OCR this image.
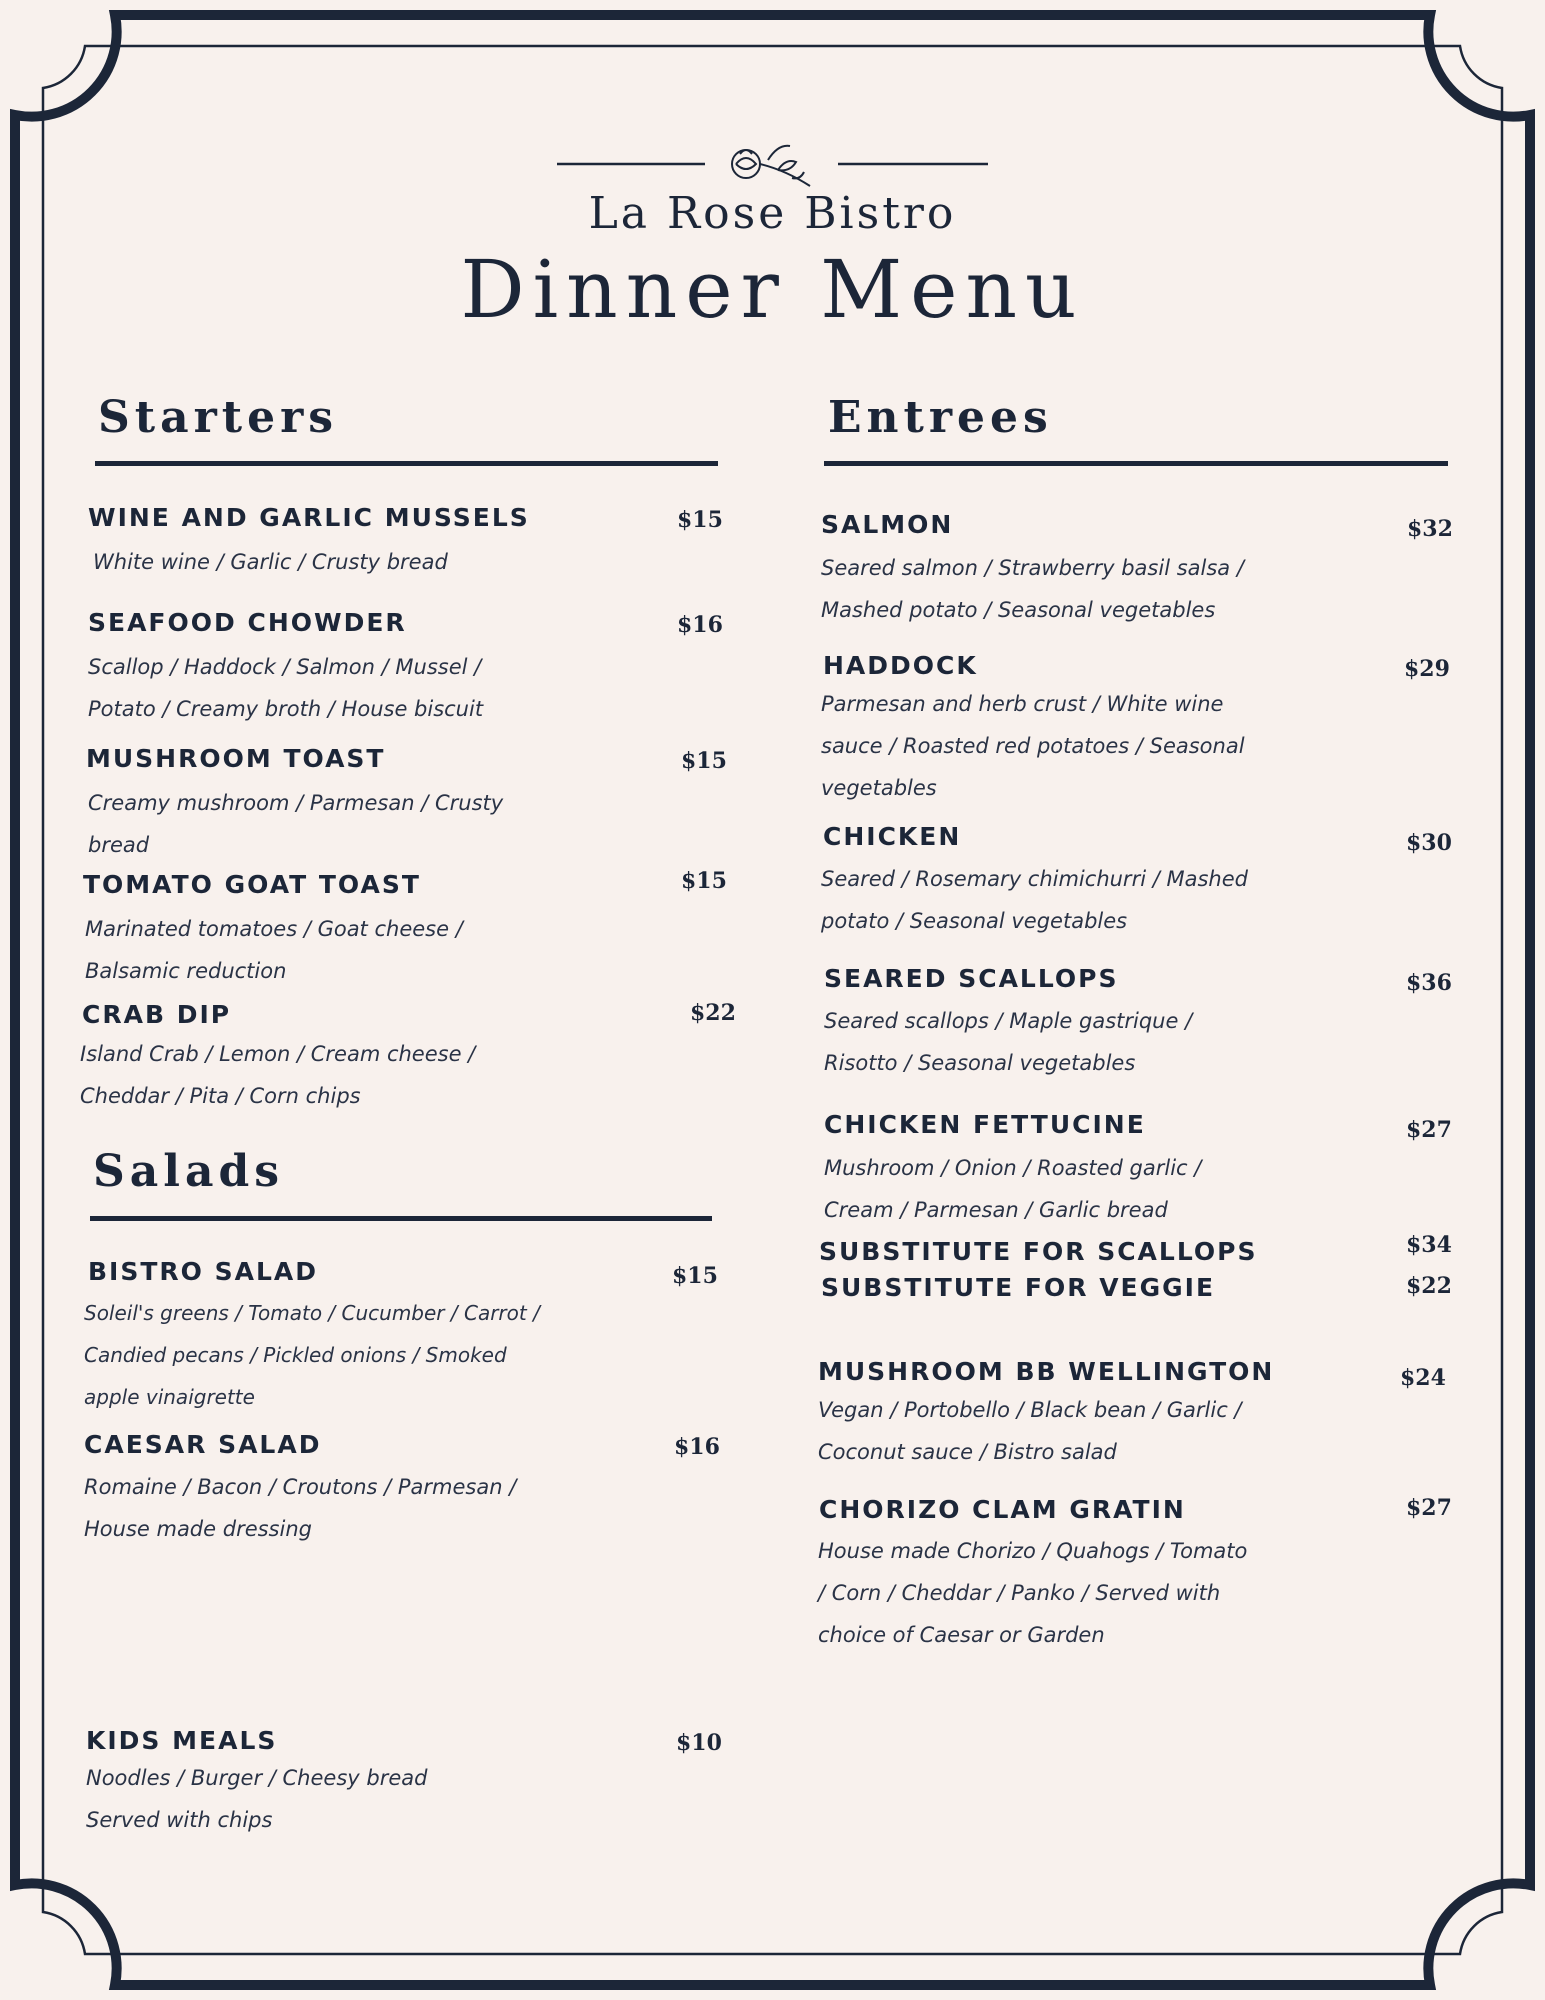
La Rose Bistro
Dinner Menu
Starters
WINE AND GARLIC MUSSELS	$15
White wine / Garlic / Crusty bread
SEAFOOD CHOWDER	$16
Scallop / Haddock / Salmon / Mussel / Potato / Creamy broth / House biscuit
MUSHROOM TOAST	$15
Creamy mushroom / Parmesan / Crusty bread
TOMATO GOAT TOAST	$15
Marinated tomatoes / Goat cheese / Balsamic reduction
CRAB DIP	$22
Island Crab / Lemon / Cream cheese / Cheddar / Pita / Corn chips
Salads
BISTRO SALAD	$15
Soleil's greens / Tomato / Cucumber / Carrot / Candied pecans / Pickled onions / Smoked apple vinaigrette
CAESAR SALAD	$16
Romaine / Bacon / Croutons / Parmesan / House made dressing
KIDS MEALS	$10
Noodles / Burger / Cheesy bread Served with chips
Entrees
SALMON	$32
Seared salmon / Strawberry basil salsa / Mashed potato / Seasonal vegetables
HADDOCK	$29
Parmesan and herb crust / White wine sauce / Roasted red potatoes / Seasonal vegetables
CHICKEN	$30
Seared / Rosemary chimichurri / Mashed potato / Seasonal vegetables
SEARED SCALLOPS	$36
Seared scallops / Maple gastrique / Risotto / Seasonal vegetables
CHICKEN FETTUCINE	$27
Mushroom / Onion / Roasted garlic / Cream / Parmesan / Garlic bread
SUBSTITUTE FOR SCALLOPS	$34
SUBSTITUTE FOR VEGGIE	$22
MUSHROOM BB WELLINGTON	$24
Vegan / Portobello / Black bean / Garlic / Coconut sauce / Bistro salad
CHORIZO CLAM GRATIN	$27
House made Chorizo / Quahogs / Tomato / Corn / Cheddar / Panko / Served with choice of Caesar or Garden
